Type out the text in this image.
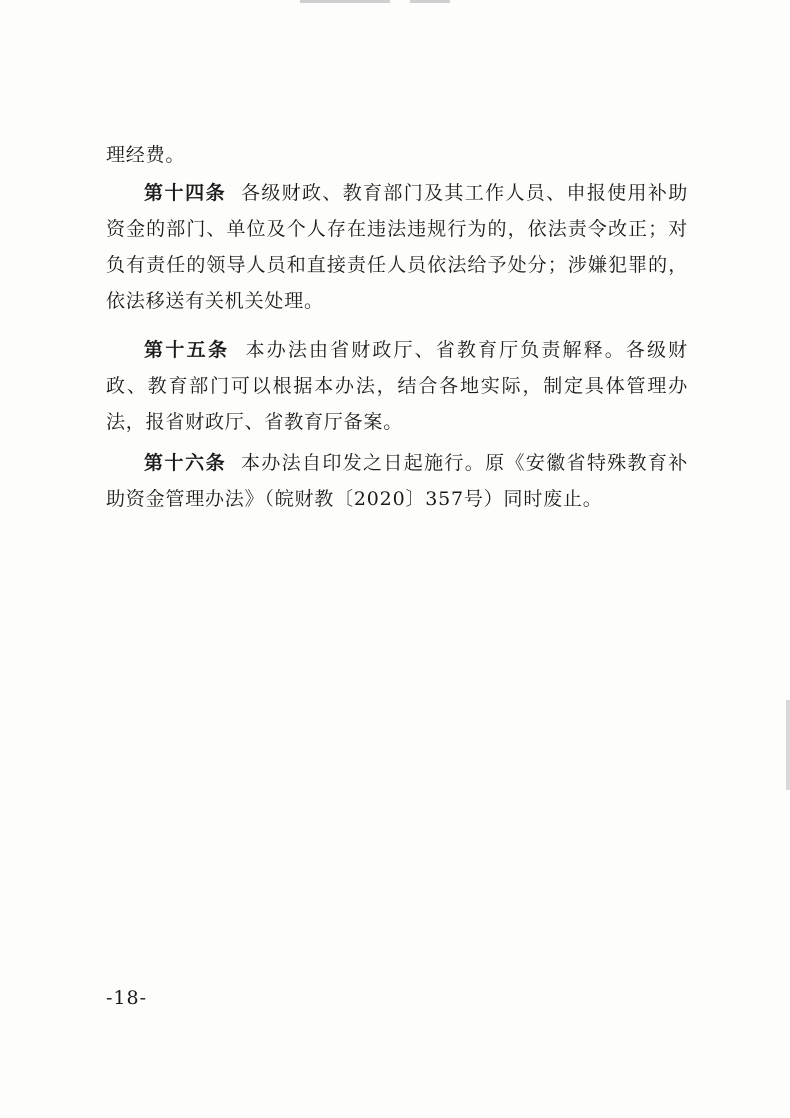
理经费。

第十四条 各级财政、教育部门及其工作人员、申报使用补助资金的部门、单位及个人存在违法违规行为的，依法责令改正；对负有责任的领导人员和直接责任人员依法给予处分；涉嫌犯罪的，依法移送有关机关处理。

第十五条 本办法由省财政厅、省教育厅负责解释。各级财政、教育部门可以根据本办法，结合各地实际，制定具体管理办法，报省财政厅、省教育厅备案。

第十六条 本办法自印发之日起施行。原《安徽省特殊教育补助资金管理办法》（皖财教〔2020〕357号）同时废止。

-18-
